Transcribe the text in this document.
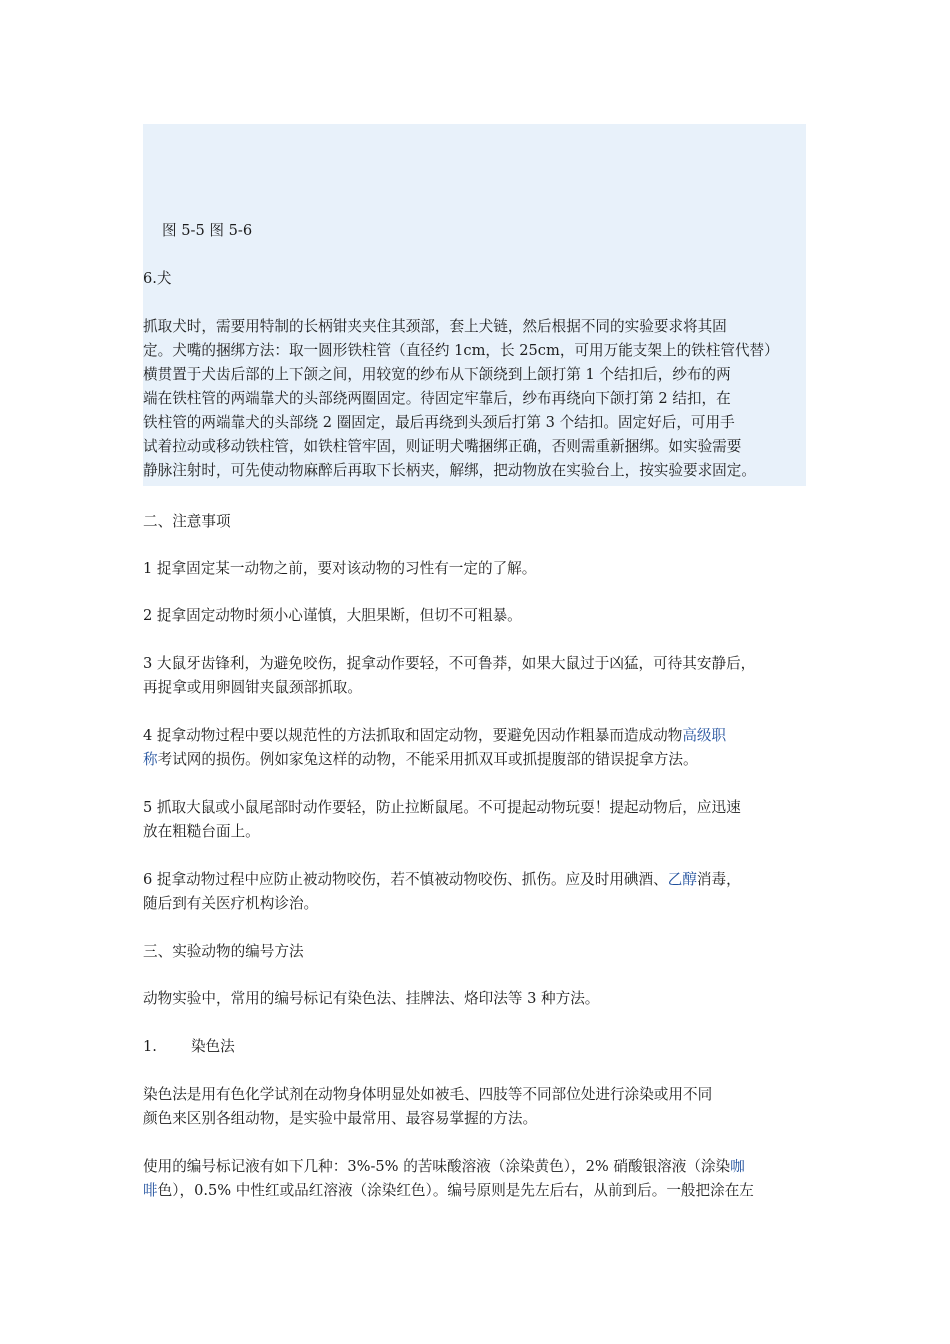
图 5-5 图 5-6

6.犬

抓取犬时，需要用特制的长柄钳夹夹住其颈部，套上犬链，然后根据不同的实验要求将其固

定。犬嘴的捆绑方法：取一圆形铁柱管（直径约 1cm，长 25cm，可用万能支架上的铁柱管代替）

横贯置于犬齿后部的上下颌之间，用较宽的纱布从下颌绕到上颌打第 1 个结扣后，纱布的两

端在铁柱管的两端靠犬的头部绕两圈固定。待固定牢靠后，纱布再绕向下颌打第 2 结扣，在

铁柱管的两端靠犬的头部绕 2 圈固定，最后再绕到头颈后打第 3 个结扣。固定好后，可用手

试着拉动或移动铁柱管，如铁柱管牢固，则证明犬嘴捆绑正确，否则需重新捆绑。如实验需要

静脉注射时，可先使动物麻醉后再取下长柄夹，解绑，把动物放在实验台上，按实验要求固定。

二、注意事项

1 捉拿固定某一动物之前，要对该动物的习性有一定的了解。

2 捉拿固定动物时须小心谨慎，大胆果断，但切不可粗暴。

3 大鼠牙齿锋利，为避免咬伤，捉拿动作要轻，不可鲁莽，如果大鼠过于凶猛，可待其安静后，

再捉拿或用卵圆钳夹鼠颈部抓取。

4 捉拿动物过程中要以规范性的方法抓取和固定动物，要避免因动作粗暴而造成动物高级职

称考试网的损伤。例如家兔这样的动物，不能采用抓双耳或抓提腹部的错误捉拿方法。

5 抓取大鼠或小鼠尾部时动作要轻，防止拉断鼠尾。不可提起动物玩耍！提起动物后，应迅速

放在粗糙台面上。

6 捉拿动物过程中应防止被动物咬伤，若不慎被动物咬伤、抓伤。应及时用碘酒、乙醇消毒，

随后到有关医疗机构诊治。

三、实验动物的编号方法

动物实验中，常用的编号标记有染色法、挂牌法、烙印法等 3 种方法。

1. 染色法

染色法是用有色化学试剂在动物身体明显处如被毛、四肢等不同部位处进行涂染或用不同

颜色来区别各组动物，是实验中最常用、最容易掌握的方法。

使用的编号标记液有如下几种：3%-5% 的苦味酸溶液（涂染黄色），2% 硝酸银溶液（涂染咖

啡色），0.5% 中性红或品红溶液（涂染红色）。编号原则是先左后右，从前到后。一般把涂在左
